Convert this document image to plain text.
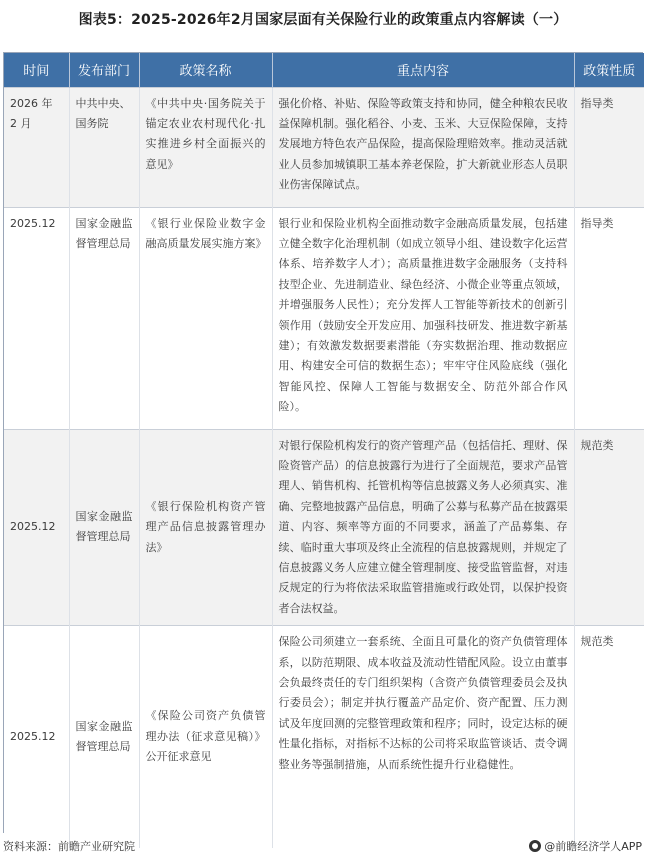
图表5：2025-2026年2月国家层面有关保险行业的政策重点内容解读（一）
时间	发布部门	政策名称	重点内容	政策性质
2026 年 2 月	中共中央、国务院	《中共中央·国务院关于锚定农业农村现代化·扎实推进乡村全面振兴的意见》	强化价格、补贴、保险等政策支持和协同，健全种粮农民收益保障机制。强化稻谷、小麦、玉米、大豆保险保障，支持发展地方特色农产品保险，提高保险理赔效率。推动灵活就业人员参加城镇职工基本养老保险，扩大新就业形态人员职业伤害保障试点。	指导类
2025.12	国家金融监督管理总局	《银行业保险业数字金融高质量发展实施方案》	银行业和保险业机构全面推动数字金融高质量发展，包括建立健全数字化治理机制（如成立领导小组、建设数字化运营体系、培养数字人才）；高质量推进数字金融服务（支持科技型企业、先进制造业、绿色经济、小微企业等重点领域，并增强服务人民性）；充分发挥人工智能等新技术的创新引领作用（鼓励安全开发应用、加强科技研发、推进数字新基建）；有效激发数据要素潜能（夯实数据治理、推动数据应用、构建安全可信的数据生态）；牢牢守住风险底线（强化智能风控、保障人工智能与数据安全、防范外部合作风险）。	指导类
2025.12	国家金融监督管理总局	《银行保险机构资产管理产品信息披露管理办法》	对银行保险机构发行的资产管理产品（包括信托、理财、保险资管产品）的信息披露行为进行了全面规范，要求产品管理人、销售机构、托管机构等信息披露义务人必须真实、准确、完整地披露产品信息，明确了公募与私募产品在披露渠道、内容、频率等方面的不同要求，涵盖了产品募集、存续、临时重大事项及终止全流程的信息披露规则，并规定了信息披露义务人应建立健全管理制度、接受监管监督，对违反规定的行为将依法采取监管措施或行政处罚，以保护投资者合法权益。	规范类
2025.12	国家金融监督管理总局	《保险公司资产负债管理办法（征求意见稿）》公开征求意见	保险公司须建立一套系统、全面且可量化的资产负债管理体系，以防范期限、成本收益及流动性错配风险。设立由董事会负最终责任的专门组织架构（含资产负债管理委员会及执行委员会）；制定并执行覆盖产品定价、资产配置、压力测试及年度回测的完整管理政策和程序；同时，设定达标的硬性量化指标，对指标不达标的公司将采取监管谈话、责令调整业务等强制措施，从而系统性提升行业稳健性。	规范类
资料来源：前瞻产业研究院	@前瞻经济学人APP
